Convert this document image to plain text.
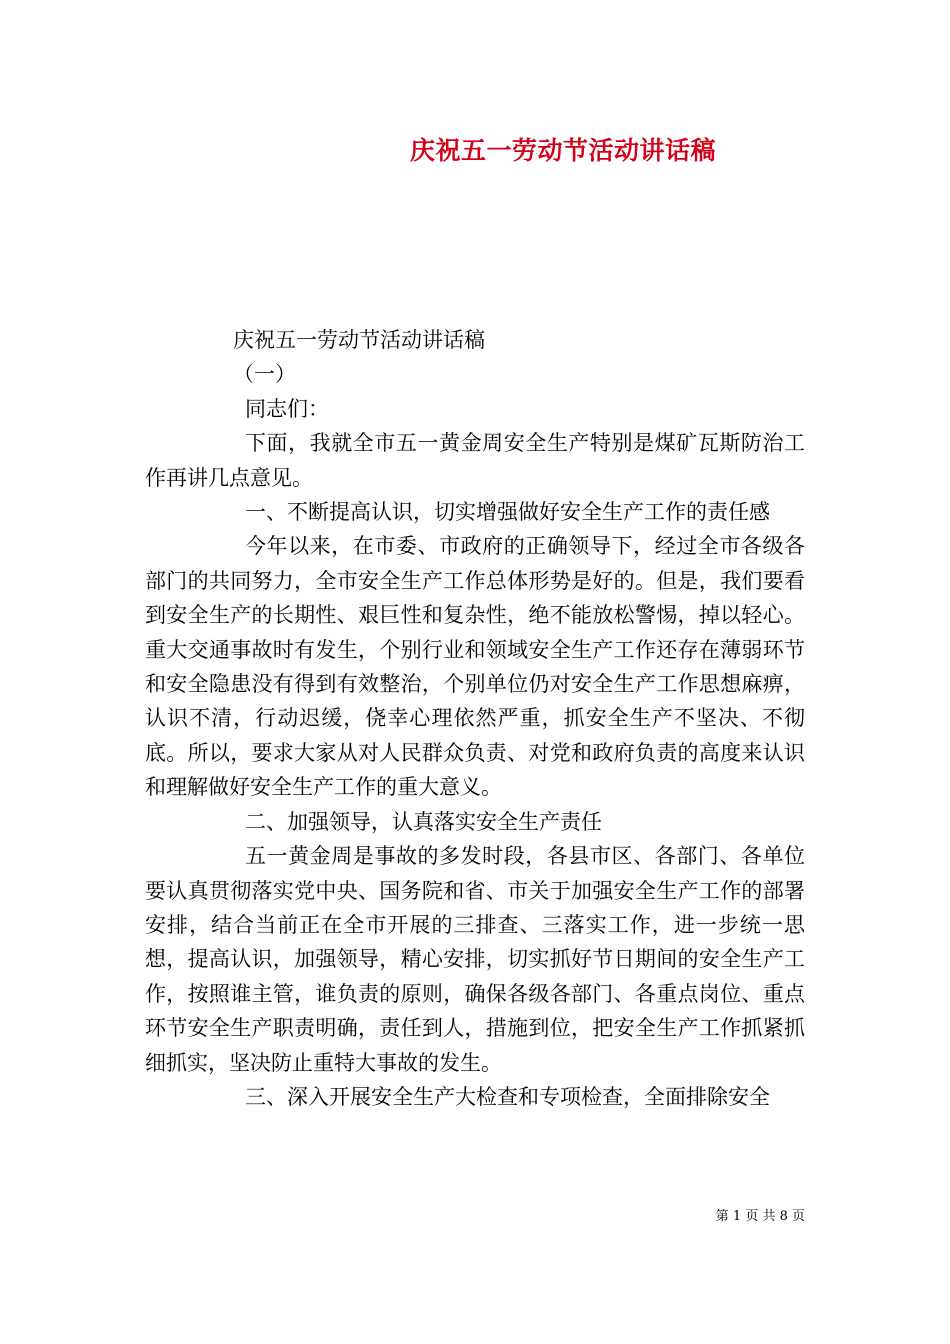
庆祝五一劳动节活动讲话稿

庆祝五一劳动节活动讲话稿

（一）

同志们：

下面，我就全市五一黄金周安全生产特别是煤矿瓦斯防治工作再讲几点意见。

一、不断提高认识，切实增强做好安全生产工作的责任感

今年以来，在市委、市政府的正确领导下，经过全市各级各部门的共同努力，全市安全生产工作总体形势是好的。但是，我们要看到安全生产的长期性、艰巨性和复杂性，绝不能放松警惕，掉以轻心。重大交通事故时有发生，个别行业和领域安全生产工作还存在薄弱环节和安全隐患没有得到有效整治，个别单位仍对安全生产工作思想麻痹，认识不清，行动迟缓，侥幸心理依然严重，抓安全生产不坚决、不彻底。所以，要求大家从对人民群众负责、对党和政府负责的高度来认识和理解做好安全生产工作的重大意义。

二、加强领导，认真落实安全生产责任

五一黄金周是事故的多发时段，各县市区、各部门、各单位要认真贯彻落实党中央、国务院和省、市关于加强安全生产工作的部署安排，结合当前正在全市开展的三排查、三落实工作，进一步统一思想，提高认识，加强领导，精心安排，切实抓好节日期间的安全生产工作，按照谁主管，谁负责的原则，确保各级各部门、各重点岗位、重点环节安全生产职责明确，责任到人，措施到位，把安全生产工作抓紧抓细抓实，坚决防止重特大事故的发生。

三、深入开展安全生产大检查和专项检查，全面排除安全

第 1 页 共 8 页
